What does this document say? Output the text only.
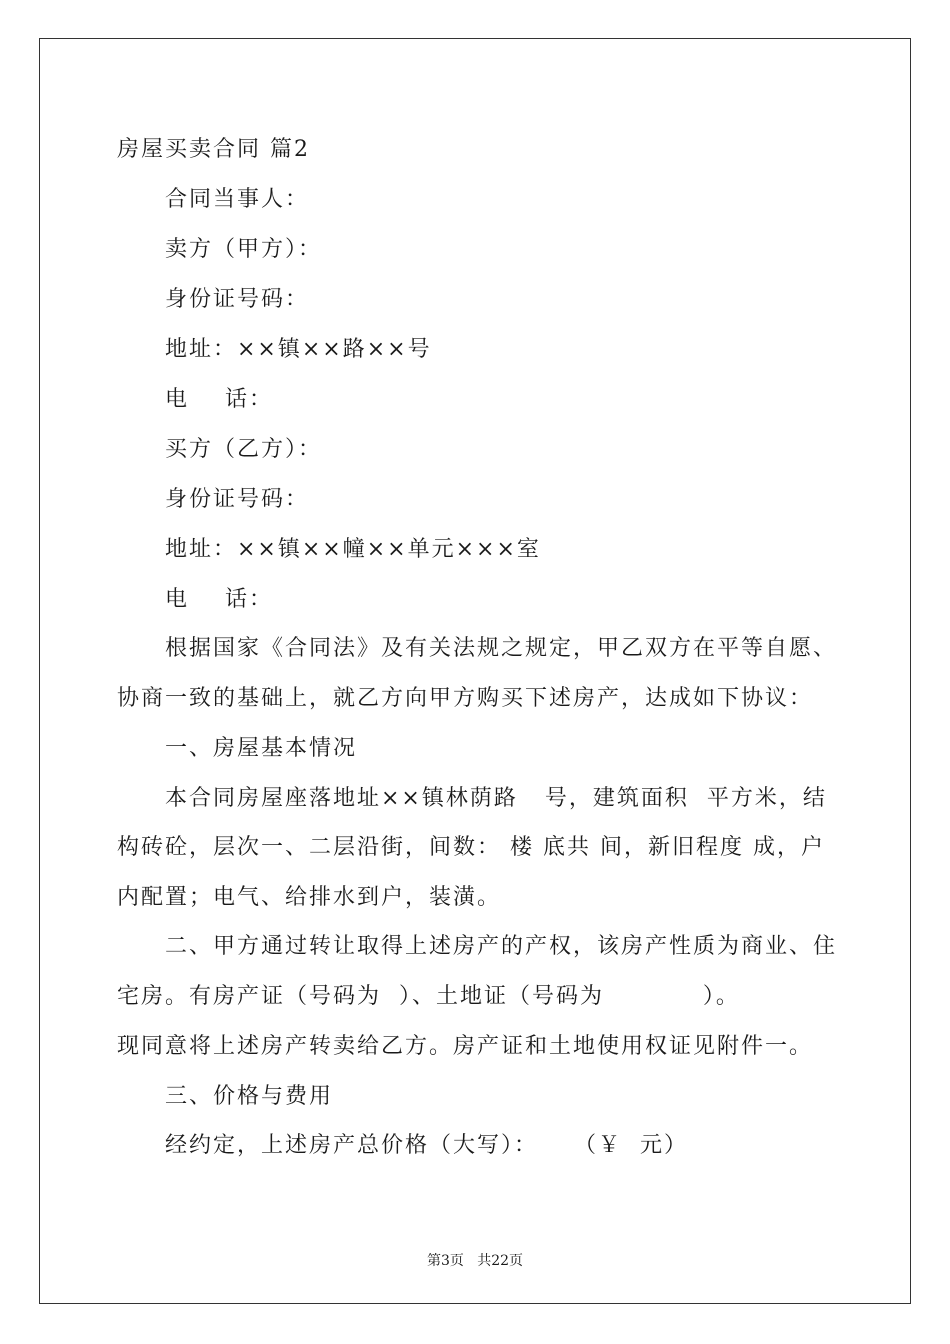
房屋买卖合同 篇2
合同当事人：
卖方（甲方）：
身份证号码：
地址：××镇××路××号
电    话：
买方（乙方）：
身份证号码：
地址：××镇××幢××单元×××室
电    话：
根据国家《合同法》及有关法规之规定，甲乙双方在平等自愿、
协商一致的基础上，就乙方向甲方购买下述房产，达成如下协议：
一、房屋基本情况
本合同房屋座落地址××镇林荫路   号，建筑面积  平方米，结
构砖砼，层次一、二层沿街，间数： 楼 底共 间，新旧程度 成，户
内配置；电气、给排水到户，装潢。
二、甲方通过转让取得上述房产的产权，该房产性质为商业、住
宅房。有房产证（号码为  ）、土地证（号码为           ）。
现同意将上述房产转卖给乙方。房产证和土地使用权证见附件一。
三、价格与费用
经约定，上述房产总价格（大写）：    （￥  元）
第3页   共22页
